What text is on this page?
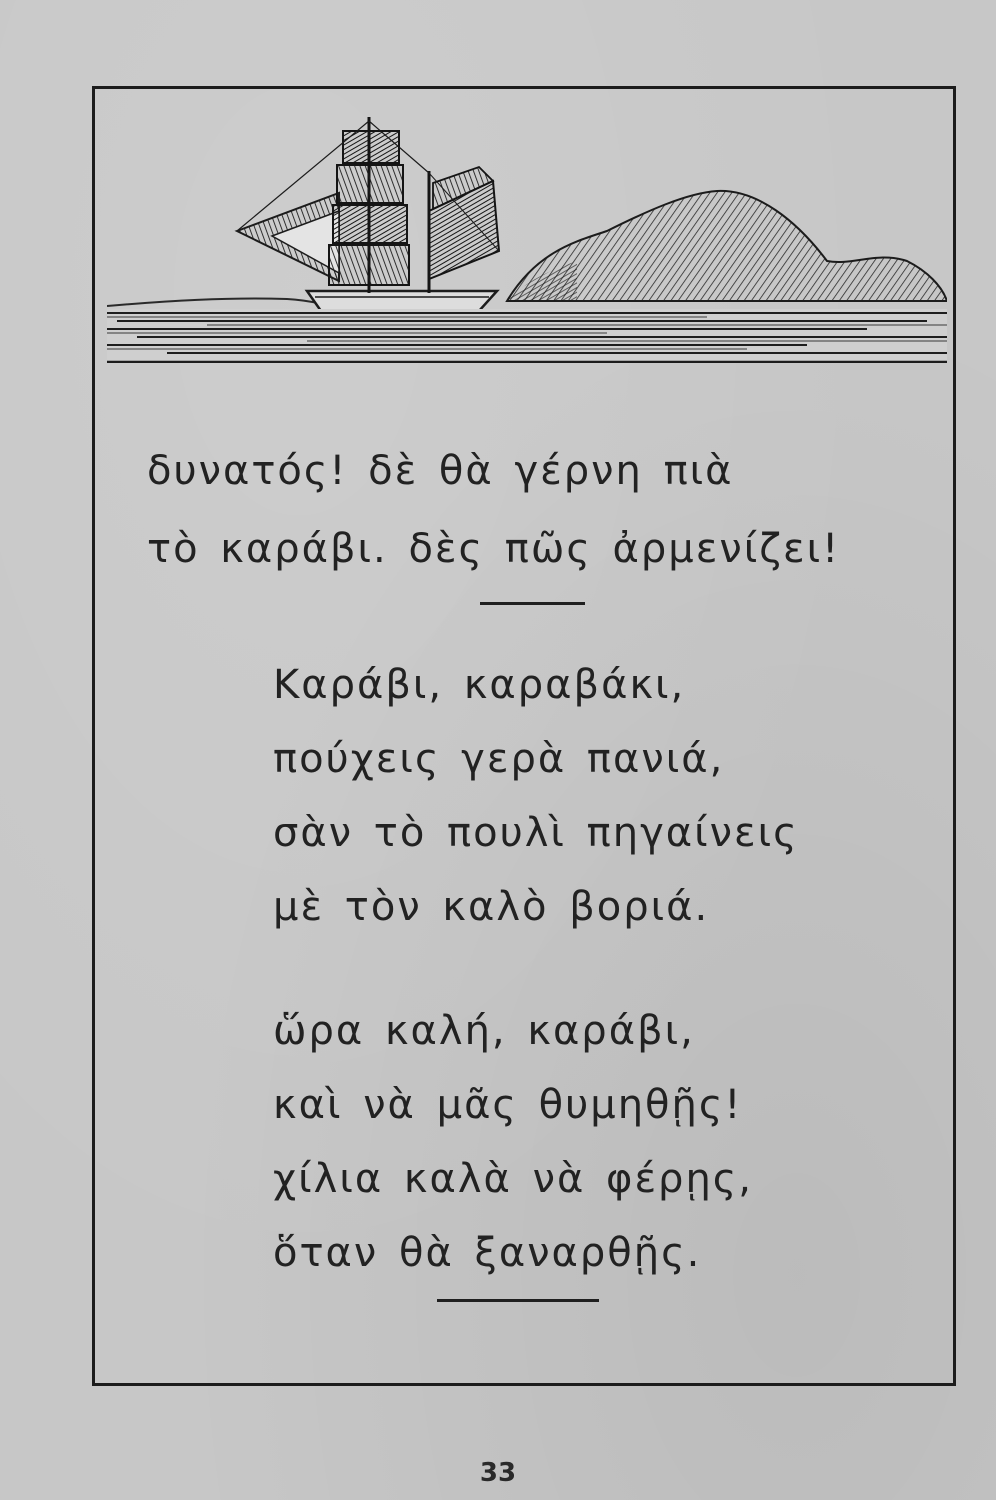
δυνατός! δὲ θὰ γέρνη πιὰ

τὸ καράβι. δὲς πῶς ἀρμενίζει!

Καράβι, καραβάκι,

πούχεις γερὰ πανιά,

σὰν τὸ πουλὶ πηγαίνεις

μὲ τὸν καλὸ βοριά.

ὥρα καλή, καράβι,

καὶ νὰ μᾶς θυμηθῇς!

χίλια καλὰ νὰ φέρῃς,

ὅταν θὰ ξαναρθῇς.

33
